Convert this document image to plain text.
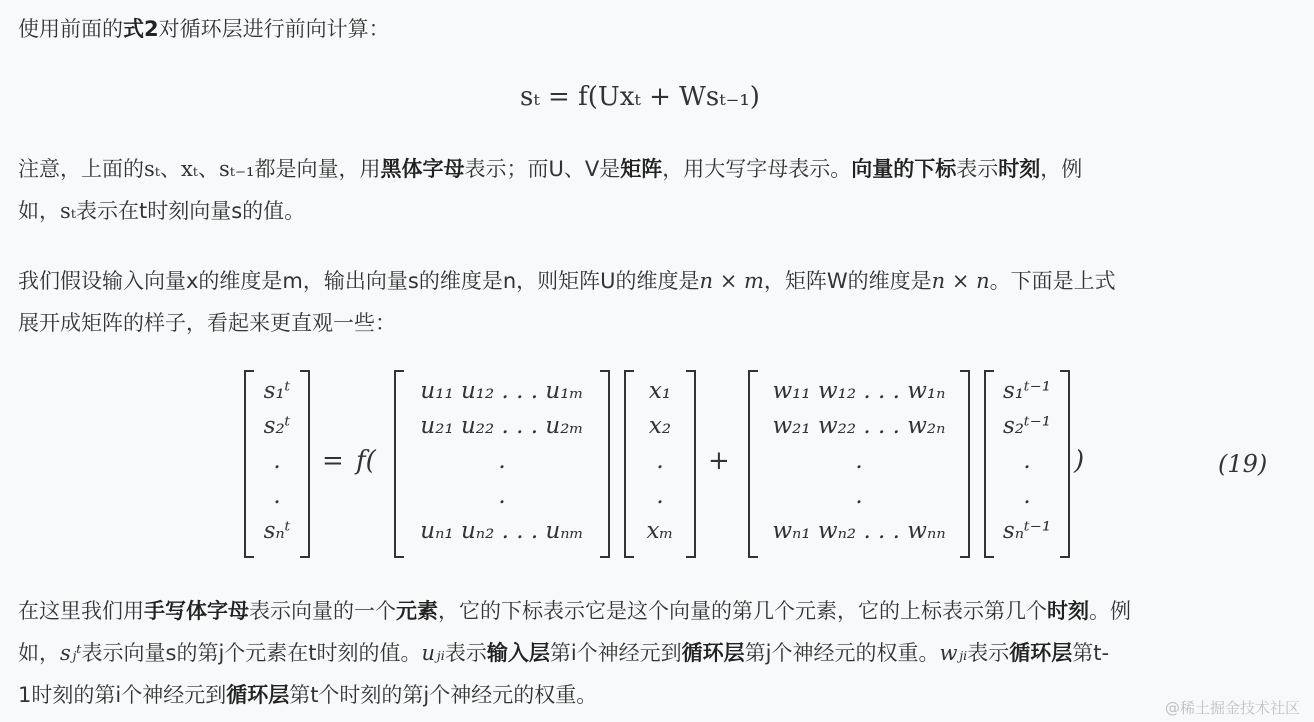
使用前面的式2对循环层进行前向计算：
sₜ = f(Uxₜ + Wsₜ₋₁)
注意，上面的sₜ、xₜ、sₜ₋₁都是向量，用黑体字母表示；而U、V是矩阵，用大写字母表示。向量的下标表示时刻，例
如，sₜ表示在t时刻向量s的值。
我们假设输入向量x的维度是m，输出向量s的维度是n，则矩阵U的维度是n × m，矩阵W的维度是n × n。下面是上式
展开成矩阵的样子，看起来更直观一些：
s₁ᵗ
s₂ᵗ
.
.
sₙᵗ
= f(
u₁₁ u₁₂ . . . u₁ₘ
u₂₁ u₂₂ . . . u₂ₘ
.
.
uₙ₁ uₙ₂ . . . uₙₘ
x₁
x₂
.
.
xₘ
+
w₁₁ w₁₂ . . . w₁ₙ
w₂₁ w₂₂ . . . w₂ₙ
.
.
wₙ₁ wₙ₂ . . . wₙₙ
s₁ᵗ⁻¹
s₂ᵗ⁻¹
.
.
sₙᵗ⁻¹
)	(19)
在这里我们用手写体字母表示向量的一个元素，它的下标表示它是这个向量的第几个元素，它的上标表示第几个时刻。例
如，sⱼᵗ表示向量s的第j个元素在t时刻的值。uⱼᵢ表示输入层第i个神经元到循环层第j个神经元的权重。wⱼᵢ表示循环层第t-
1时刻的第i个神经元到循环层第t个时刻的第j个神经元的权重。
@稀土掘金技术社区
